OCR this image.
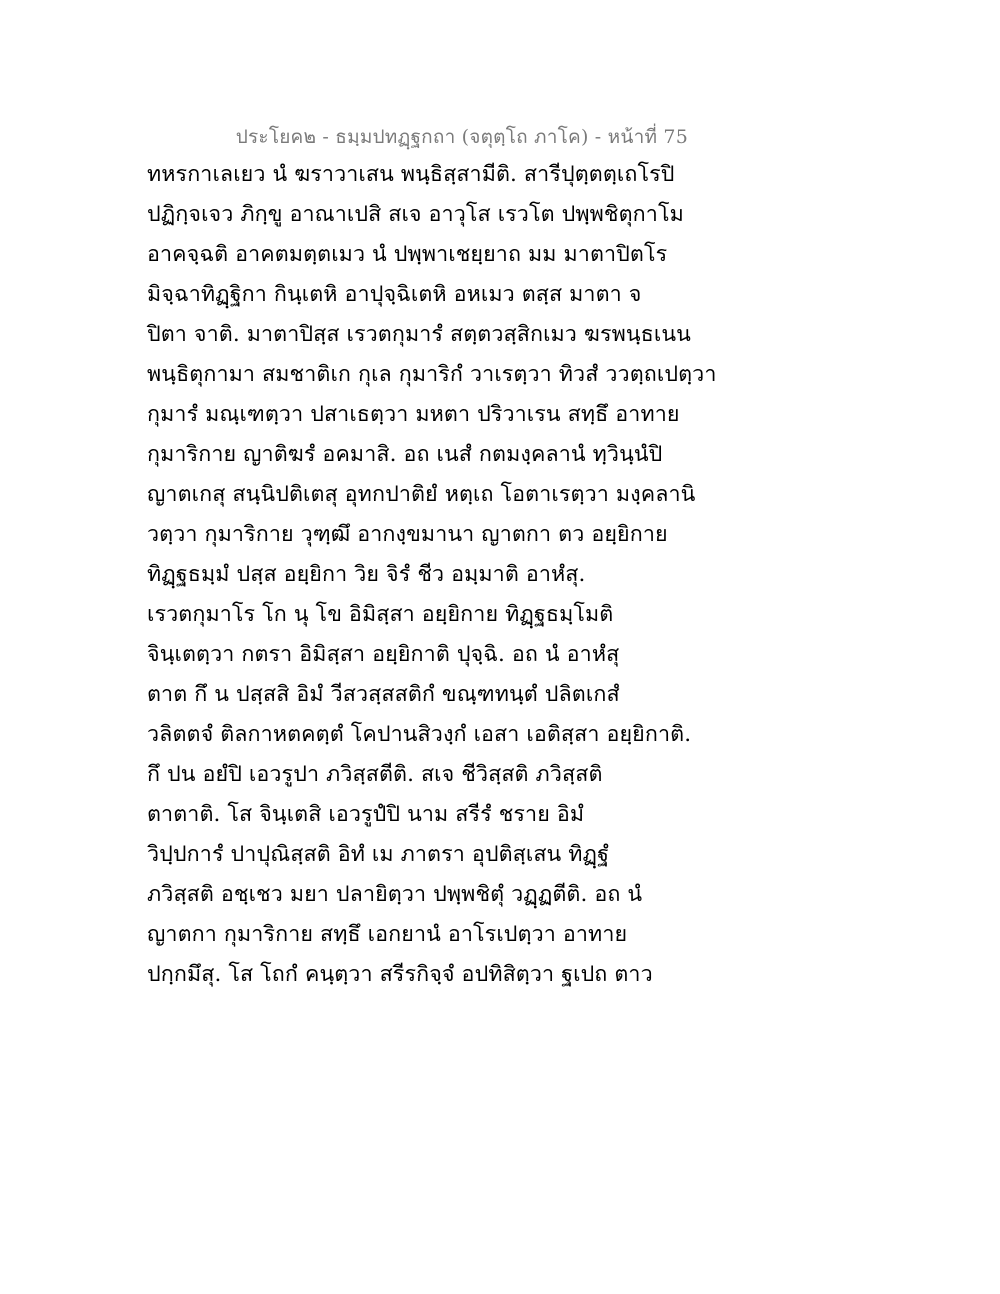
ประโยค๒ - ธมฺมปทฏฺฐกถา (จตุตฺโถ ภาโค) - หน้าที่ 75
ทหรกาเลเยว นํ ฆราวาเสน พนฺธิสฺสามีติ. สารีปุตฺตตฺเถโรปิ
ปฏิกฺจเจว ภิกฺขู อาณาเปสิ สเจ อาวุโส เรวโต ปพฺพชิตุกาโม
อาคจฺฉติ อาคตมตฺตเมว นํ ปพฺพาเชยฺยาถ มม มาตาปิตโร
มิจฺฉาทิฏฺฐิกา กินฺเตหิ อาปุจฺฉิเตหิ อหเมว ตสฺส มาตา จ
ปิตา จาติ. มาตาปิสฺส เรวตกุมารํ สตฺตวสฺสิกเมว ฆรพนฺธเนน
พนฺธิตุกามา สมชาติเก กุเล กุมาริกํ วาเรตฺวา ทิวสํ ววตฺถเปตฺวา
กุมารํ มณฺเฑตฺวา ปสาเธตฺวา มหตา ปริวาเรน สทฺธึ อาทาย
กุมาริกาย ญาติฆรํ อคมาสิ. อถ เนสํ กตมงฺคลานํ ทฺวินฺนํปิ
ญาตเกสุ สนฺนิปติเตสุ อุทกปาติยํ หตฺเถ โอตาเรตฺวา มงฺคลานิ
วตฺวา กุมาริกาย วุฑฺฒึ อากงฺขมานา ญาตกา ตว อยฺยิกาย
ทิฏฺฐธมฺมํ ปสฺส อยฺยิกา วิย จิรํ ชีว อมฺมาติ อาหํสุ.
เรวตกุมาโร โก นุ โข อิมิสฺสา อยฺยิกาย ทิฏฺฐธมฺโมติ
จินฺเตตฺวา กตรา อิมิสฺสา อยฺยิกาติ ปุจฺฉิ. อถ นํ อาหํสุ
ตาต กึ น ปสฺสสิ อิมํ วีสวสฺสสติกํ ขณฺฑทนฺตํ ปลิตเกสํ
วลิตตจํ ติลกาหตคตฺตํ โคปานสิวงฺกํ เอสา เอติสฺสา อยฺยิกาติ.
กึ ปน อยํปิ เอวรูปา ภวิสฺสตีติ. สเจ ชีวิสฺสติ ภวิสฺสติ
ตาตาติ. โส จินฺเตสิ เอวรูปํปิ นาม สรีรํ ชราย อิมํ
วิปฺปการํ ปาปุณิสฺสติ อิทํ เม ภาตรา อุปติสฺเสน ทิฏฺฐํ
ภวิสฺสติ อชฺเชว มยา ปลายิตฺวา ปพฺพชิตุํ วฏฺฏตีติ. อถ นํ
ญาตกา กุมาริกาย สทฺธึ เอกยานํ อาโรเปตฺวา อาทาย
ปกฺกมึสุ. โส โถกํ คนฺตฺวา สรีรกิจฺจํ อปทิสิตฺวา ฐเปถ ตาว
